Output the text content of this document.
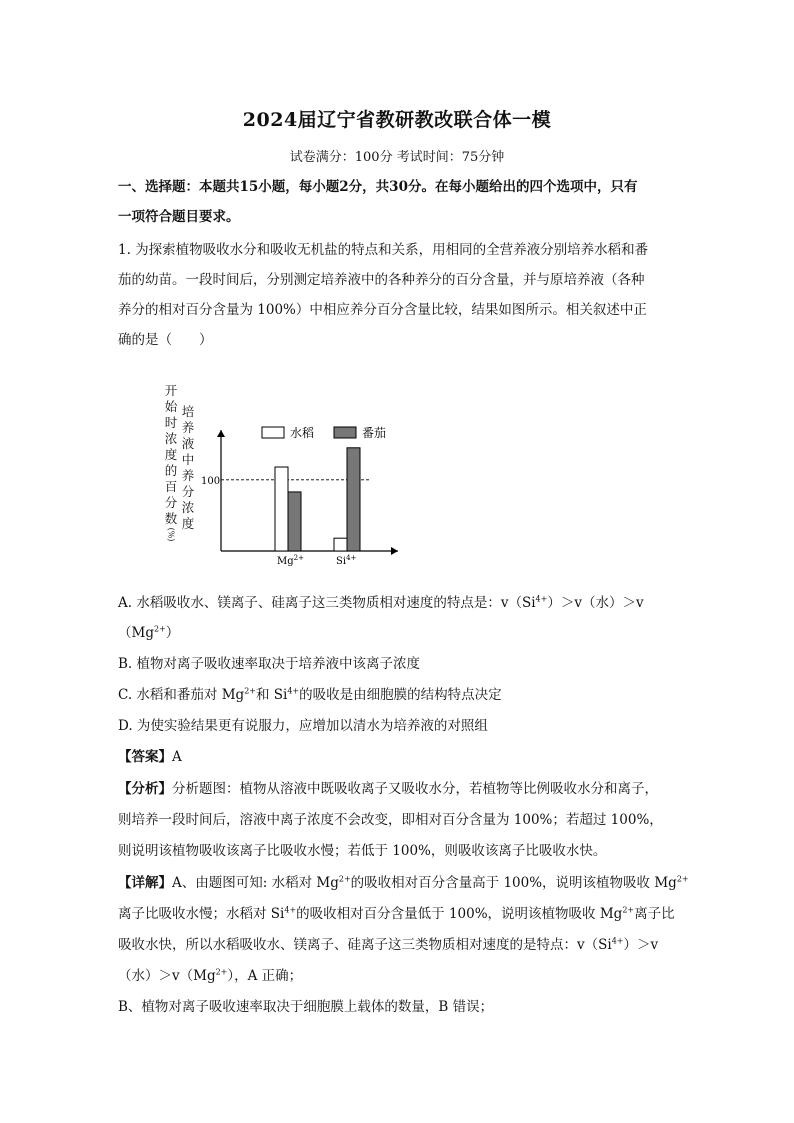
2024届辽宁省教研教改联合体一模
试卷满分：100分 考试时间：75分钟
一、选择题：本题共15小题，每小题2分，共30分。在每小题给出的四个选项中，只有
一项符合题目要求。
1. 为探索植物吸收水分和吸收无机盐的特点和关系，用相同的全营养液分别培养水稻和番
茄的幼苗。一段时间后，分别测定培养液中的各种养分的百分含量，并与原培养液（各种
养分的相对百分含量为 100%）中相应养分百分含量比较，结果如图所示。相关叙述中正
确的是（　　）
开
始
时
浓
度
的
百
分
数
(%)
培
养
液
中
养
分
浓
度
100
水稻	番茄
$Mg^{2+}$	$Si^{4+}$
A. 水稻吸收水、镁离子、硅离子这三类物质相对速度的特点是：$v(Si^{4+})>v$（水）＞v
$(Mg^{2+})$
B. 植物对离子吸收速率取决于培养液中该离子浓度
C. 水稻和番茄对 $Mg^{2+}$和 $Si^{4+}$的吸收是由细胞膜的结构特点决定
D. 为使实验结果更有说服力，应增加以清水为培养液的对照组
【答案】A
【分析】分析题图：植物从溶液中既吸收离子又吸收水分，若植物等比例吸收水分和离子，
则培养一段时间后，溶液中离子浓度不会改变，即相对百分含量为 100%；若超过 100%，
则说明该植物吸收该离子比吸收水慢；若低于 100%，则吸收该离子比吸收水快。
【详解】A、由题图可知: 水稻对 $Mg^{2+}$的吸收相对百分含量高于 100%，说明该植物吸收 $Mg^{2+}$
离子比吸收水慢；水稻对 $Si^{4+}$的吸收相对百分含量低于 100%，说明该植物吸收 $Mg^{2+}$离子比
吸收水快，所以水稻吸收水、镁离子、硅离子这三类物质相对速度的是特点：$v(Si^{4+})>v$
（水）$>v(Mg^{2+})$，A 正确；
B、植物对离子吸收速率取决于细胞膜上载体的数量，B 错误；
